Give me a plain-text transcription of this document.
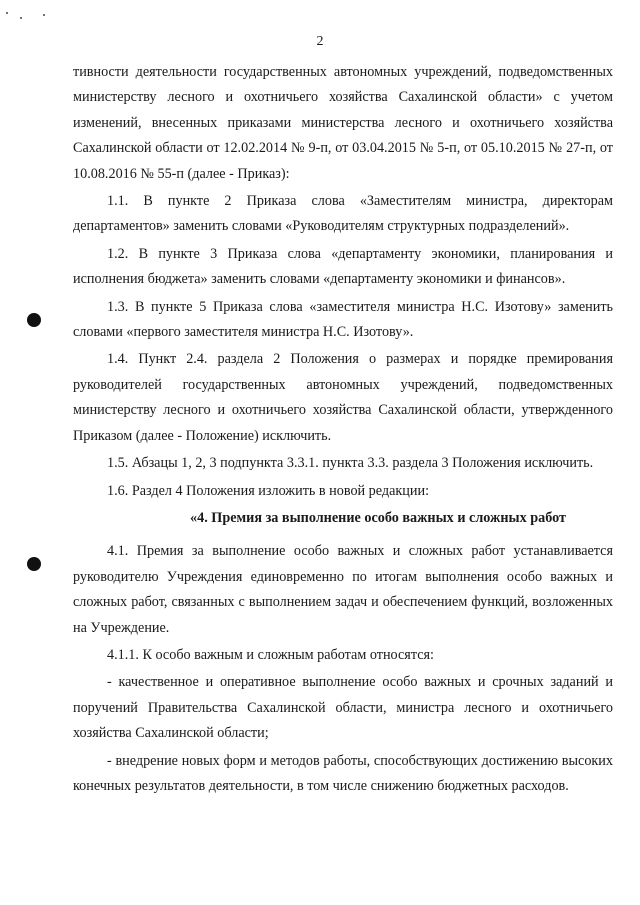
2

тивности деятельности государственных автономных учреждений, подведомственных министерству лесного и охотничьего хозяйства Сахалинской области» с учетом изменений, внесенных приказами министерства лесного и охотничьего хозяйства Сахалинской области от 12.02.2014 № 9-п, от 03.04.2015 № 5-п, от 05.10.2015 № 27-п, от 10.08.2016 № 55-п (далее - Приказ):

1.1. В пункте 2 Приказа слова «Заместителям министра, директорам департаментов» заменить словами «Руководителям структурных подразделений».

1.2. В пункте 3 Приказа слова «департаменту экономики, планирования и исполнения бюджета» заменить словами «департаменту экономики и финансов».

1.3. В пункте 5 Приказа слова «заместителя министра Н.С. Изотову» заменить словами «первого заместителя министра Н.С. Изотову».

1.4. Пункт 2.4. раздела 2 Положения о размерах и порядке премирования руководителей государственных автономных учреждений, подведомственных министерству лесного и охотничьего хозяйства Сахалинской области, утвержденного Приказом (далее - Положение) исключить.

1.5. Абзацы 1, 2, 3 подпункта 3.3.1. пункта 3.3. раздела 3 Положения исключить.

1.6. Раздел 4 Положения изложить в новой редакции:

«4. Премия за выполнение особо важных и сложных работ

4.1. Премия за выполнение особо важных и сложных работ устанавливается руководителю Учреждения единовременно по итогам выполнения особо важных и сложных работ, связанных с выполнением задач и обеспечением функций, возложенных на Учреждение.

4.1.1. К особо важным и сложным работам относятся:

- качественное и оперативное выполнение особо важных и срочных заданий и поручений Правительства Сахалинской области, министра лесного и охотничьего хозяйства Сахалинской области;

- внедрение новых форм и методов работы, способствующих достижению высоких конечных результатов деятельности, в том числе снижению бюджетных расходов.
